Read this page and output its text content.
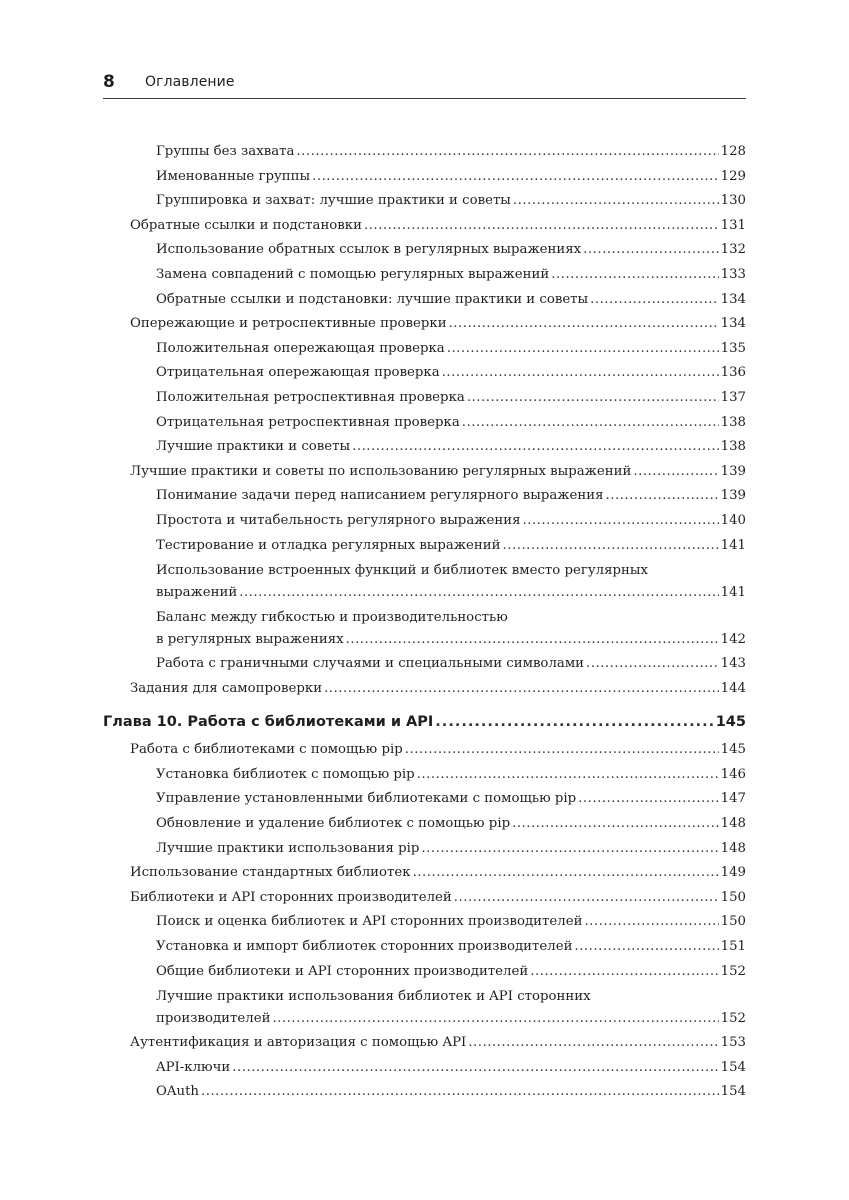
8 Оглавление
Группы без захвата .....	128
Именованные группы .....	129
Группировка и захват: лучшие практики и советы .....	130
Обратные ссылки и подстановки .....	131
Использование обратных ссылок в регулярных выражениях .....	132
Замена совпадений с помощью регулярных выражений .....	133
Обратные ссылки и подстановки: лучшие практики и советы .....	134
Опережающие и ретроспективные проверки .....	134
Положительная опережающая проверка .....	135
Отрицательная опережающая проверка .....	136
Положительная ретроспективная проверка .....	137
Отрицательная ретроспективная проверка .....	138
Лучшие практики и советы .....	138
Лучшие практики и советы по использованию регулярных выражений .....	139
Понимание задачи перед написанием регулярного выражения .....	139
Простота и читабельность регулярного выражения .....	140
Тестирование и отладка регулярных выражений .....	141
Использование встроенных функций и библиотек вместо регулярных
выражений .....	141
Баланс между гибкостью и производительностью
в регулярных выражениях .....	142
Работа с граничными случаями и специальными символами .....	143
Задания для самопроверки .....	144
Глава 10. Работа с библиотеками и API .....	145
Работа с библиотеками с помощью pip .....	145
Установка библиотек с помощью pip .....	146
Управление установленными библиотеками с помощью pip .....	147
Обновление и удаление библиотек с помощью pip .....	148
Лучшие практики использования pip .....	148
Использование стандартных библиотек .....	149
Библиотеки и API сторонних производителей .....	150
Поиск и оценка библиотек и API сторонних производителей .....	150
Установка и импорт библиотек сторонних производителей .....	151
Общие библиотеки и API сторонних производителей .....	152
Лучшие практики использования библиотек и API сторонних
производителей .....	152
Аутентификация и авторизация с помощью API .....	153
API-ключи .....	154
OAuth .....	154
